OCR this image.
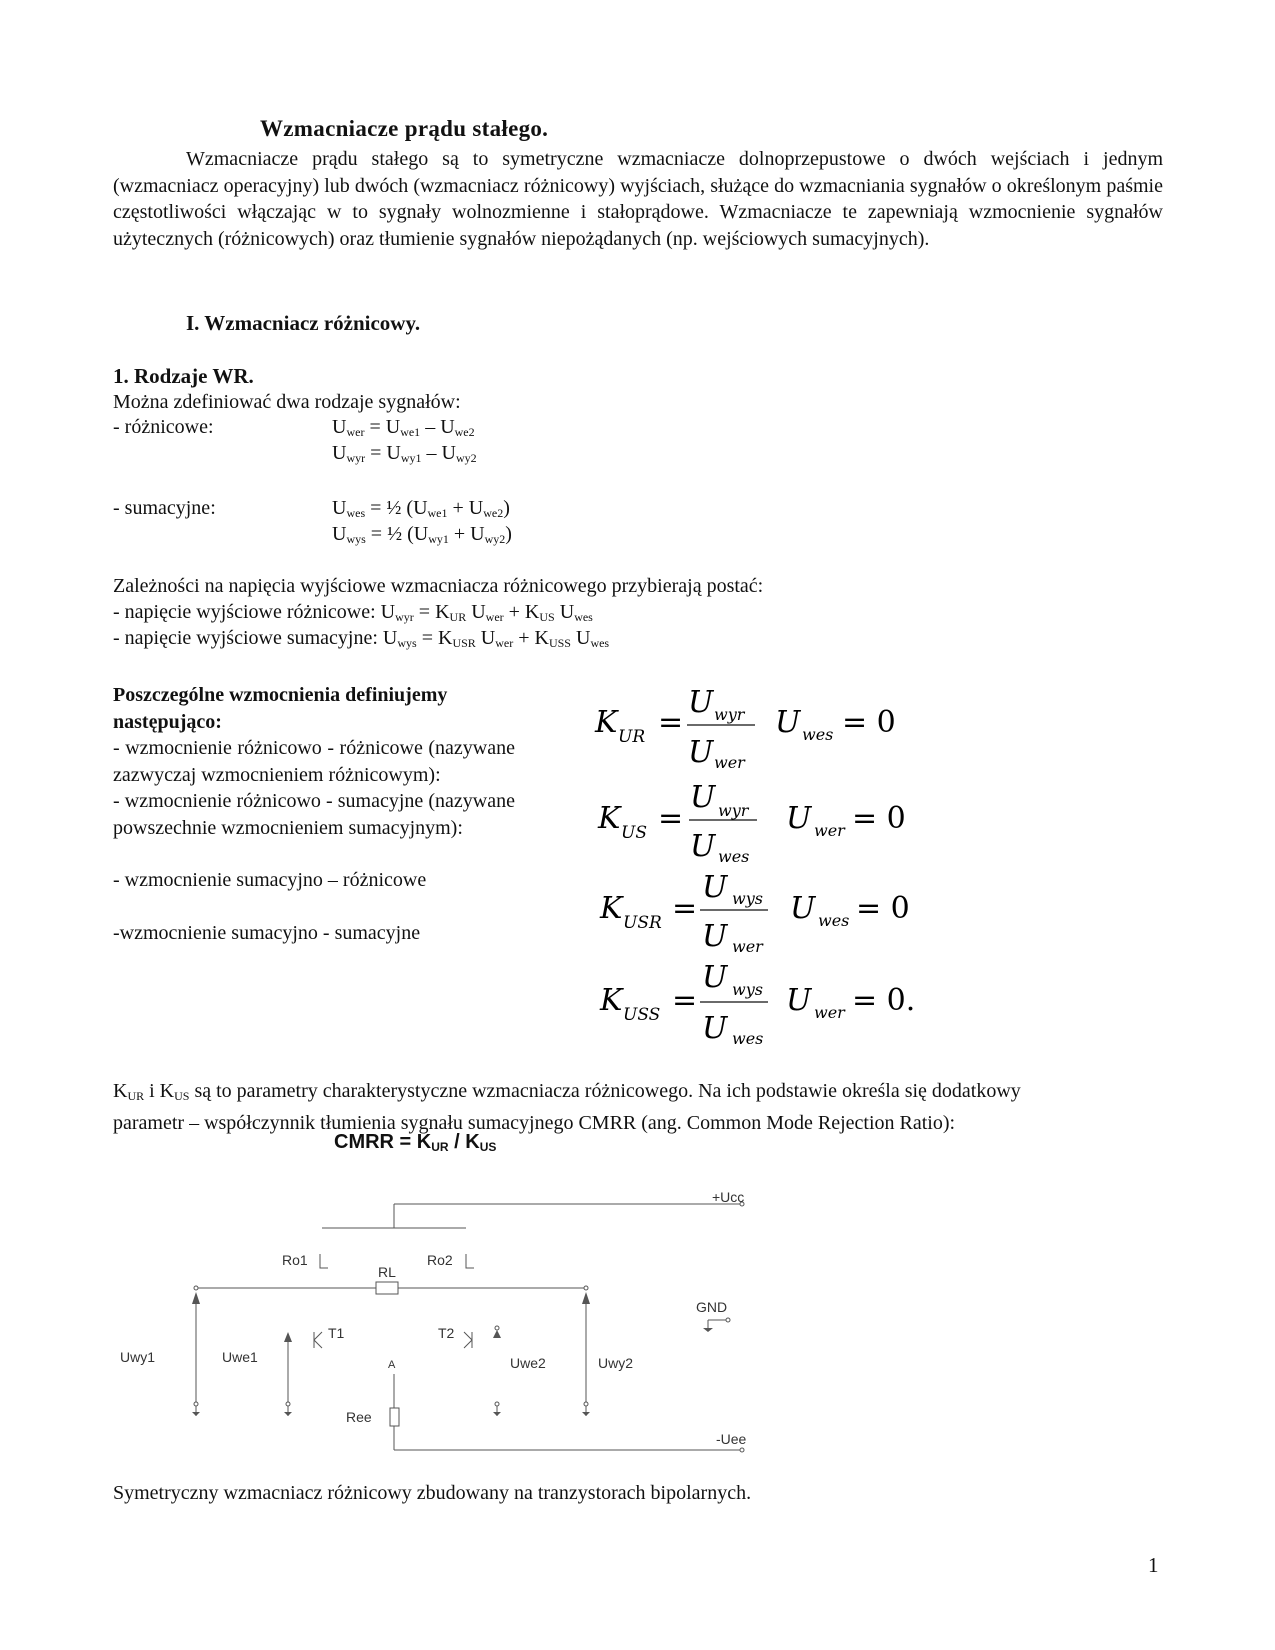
Wzmacniacze prądu stałego.
Wzmacniacze prądu stałego są to symetryczne wzmacniacze dolnoprzepustowe o dwóch wejściach i jednym (wzmacniacz operacyjny) lub dwóch (wzmacniacz różnicowy) wyjściach, służące do wzmacniania sygnałów o określonym paśmie częstotliwości włączając w to sygnały wolnozmienne i stałoprądowe. Wzmacniacze te zapewniają wzmocnienie sygnałów użytecznych (różnicowych) oraz tłumienie sygnałów niepożądanych (np. wejściowych sumacyjnych).
I. Wzmacniacz różnicowy.
1. Rodzaje WR.
Można zdefiniować dwa rodzaje sygnałów:
- różnicowe:	$U_{wer} = U_{we1} - U_{we2}$
$U_{wyr} = U_{wy1} - U_{wy2}$
- sumacyjne:	$U_{wes}$ = ½ $(U_{we1} + U_{we2})$
$U_{wys}$ = ½ $(U_{wy1} + U_{wy2})$
Zależności na napięcia wyjściowe wzmacniacza różnicowego przybierają postać:
- napięcie wyjściowe różnicowe: $U_{wyr} = K_{UR}$ $U_{wer} + K_{US}$ $U_{wes}$
- napięcie wyjściowe sumacyjne: $U_{wys} = K_{USR}$ $U_{wer} + K_{USS}$ $U_{wes}$
Poszczególne wzmocnienia definiujemy następująco:
- wzmocnienie różnicowo - różnicowe (nazywane zazwyczaj wzmocnieniem różnicowym):
- wzmocnienie różnicowo - sumacyjne (nazywane powszechnie wzmocnieniem sumacyjnym):
- wzmocnienie sumacyjno – różnicowe
-wzmocnienie sumacyjno - sumacyjne
K UR =
U wyr
U wer
U wes = 0
K US =
U wyr
U wes
U wer = 0
K USR =
U wys
U wer
U wes = 0
K USS =
U wys
U wes
U wer = 0.
$K_{UR}$ i $K_{US}$ są to parametry charakterystyczne wzmacniacza różnicowego. Na ich podstawie określa się dodatkowy
parametr – współczynnik tłumienia sygnału sumacyjnego CMRR (ang. Common Mode Rejection Ratio):
CMRR = $K_{UR} / K_{US}$
+Ucc
Ro1	Ro2
RL
GND
T1	T2
A
Uwy1	Uwe1	Uwe2	Uwy2
Ree
-Uee
Symetryczny wzmacniacz różnicowy zbudowany na tranzystorach bipolarnych.
1
